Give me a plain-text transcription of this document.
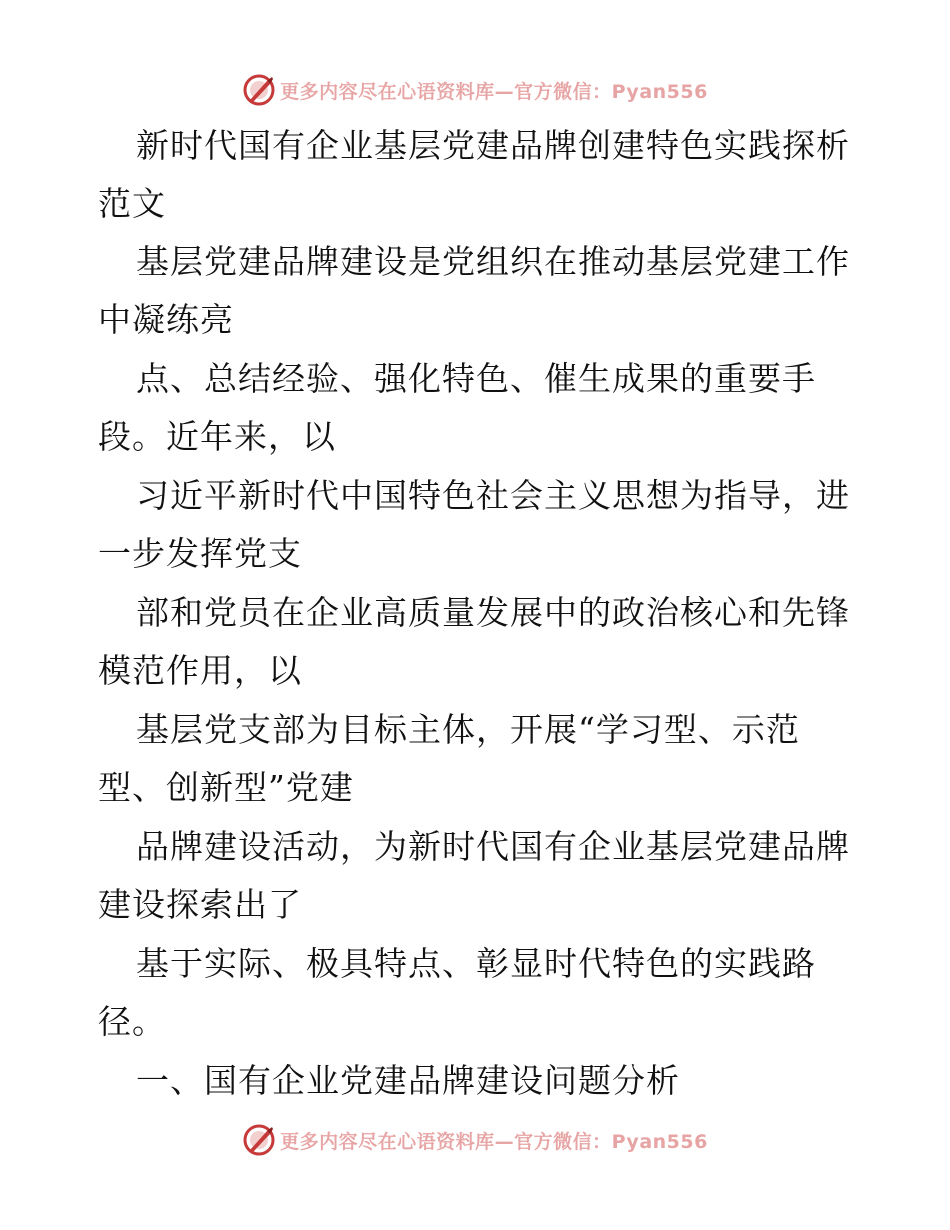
更多内容尽在心语资料库—官方微信：Pyan556
新时代国有企业基层党建品牌创建特色实践探析
范文
基层党建品牌建设是党组织在推动基层党建工作
中凝练亮
点、总结经验、强化特色、催生成果的重要手
段。近年来，以
习近平新时代中国特色社会主义思想为指导，进
一步发挥党支
部和党员在企业高质量发展中的政治核心和先锋
模范作用，以
基层党支部为目标主体，开展“学习型、示范
型、创新型”党建
品牌建设活动，为新时代国有企业基层党建品牌
建设探索出了
基于实际、极具特点、彰显时代特色的实践路
径。
一、国有企业党建品牌建设问题分析
更多内容尽在心语资料库—官方微信：Pyan556
